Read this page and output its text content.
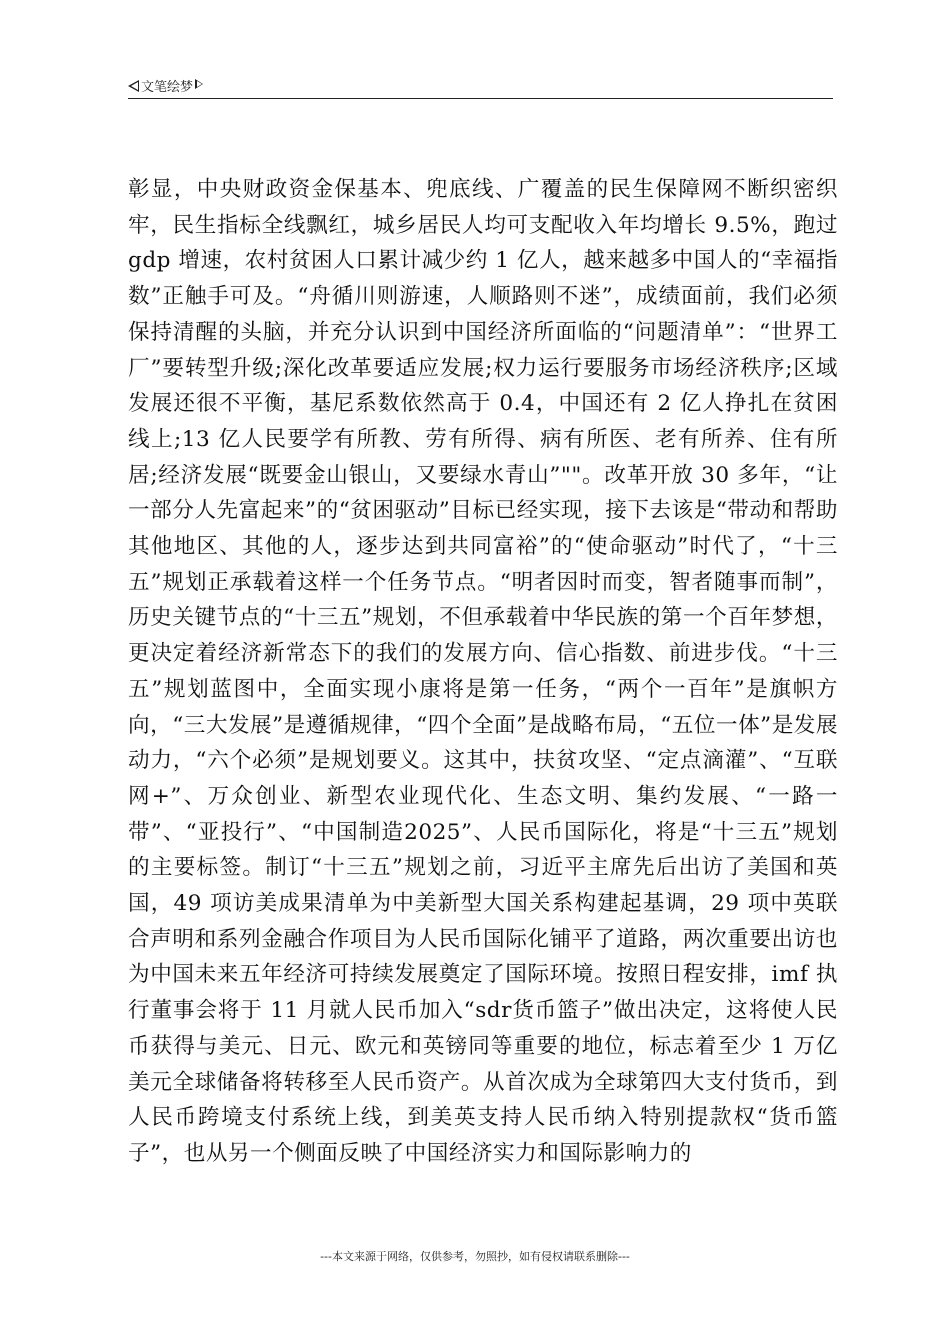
文笔绘梦

彰显，中央财政资金保基本、兜底线、广覆盖的民生保障网不断织密织牢，民生指标全线飘红，城乡居民人均可支配收入年均增长 9.5%，跑过 gdp 增速，农村贫困人口累计减少约 1 亿人，越来越多中国人的“幸福指数”正触手可及。“舟循川则游速，人顺路则不迷”，成绩面前，我们必须保持清醒的头脑，并充分认识到中国经济所面临的“问题清单”：“世界工厂”要转型升级;深化改革要适应发展;权力运行要服务市场经济秩序;区域发展还很不平衡，基尼系数依然高于 0.4，中国还有 2 亿人挣扎在贫困线上;13 亿人民要学有所教、劳有所得、病有所医、老有所养、住有所居;经济发展“既要金山银山，又要绿水青山”""。改革开放 30 多年，“让一部分人先富起来”的“贫困驱动”目标已经实现，接下去该是“带动和帮助其他地区、其他的人，逐步达到共同富裕”的“使命驱动”时代了，“十三五”规划正承载着这样一个任务节点。“明者因时而变，智者随事而制”，历史关键节点的“十三五”规划，不但承载着中华民族的第一个百年梦想，更决定着经济新常态下的我们的发展方向、信心指数、前进步伐。“十三五”规划蓝图中，全面实现小康将是第一任务，“两个一百年”是旗帜方向，“三大发展”是遵循规律，“四个全面”是战略布局，“五位一体”是发展动力，“六个必须”是规划要义。这其中，扶贫攻坚、“定点滴灌”、“互联网+”、万众创业、新型农业现代化、生态文明、集约发展、“一路一带”、“亚投行”、“中国制造2025”、人民币国际化，将是“十三五”规划的主要标签。制订“十三五”规划之前，习近平主席先后出访了美国和英国，49 项访美成果清单为中美新型大国关系构建起基调，29 项中英联合声明和系列金融合作项目为人民币国际化铺平了道路，两次重要出访也为中国未来五年经济可持续发展奠定了国际环境。按照日程安排，imf 执行董事会将于 11 月就人民币加入“sdr货币篮子”做出决定，这将使人民币获得与美元、日元、欧元和英镑同等重要的地位，标志着至少 1 万亿美元全球储备将转移至人民币资产。从首次成为全球第四大支付货币，到人民币跨境支付系统上线，到美英支持人民币纳入特别提款权“货币篮子”，也从另一个侧面反映了中国经济实力和国际影响力的

---本文来源于网络，仅供参考，勿照抄，如有侵权请联系删除---
